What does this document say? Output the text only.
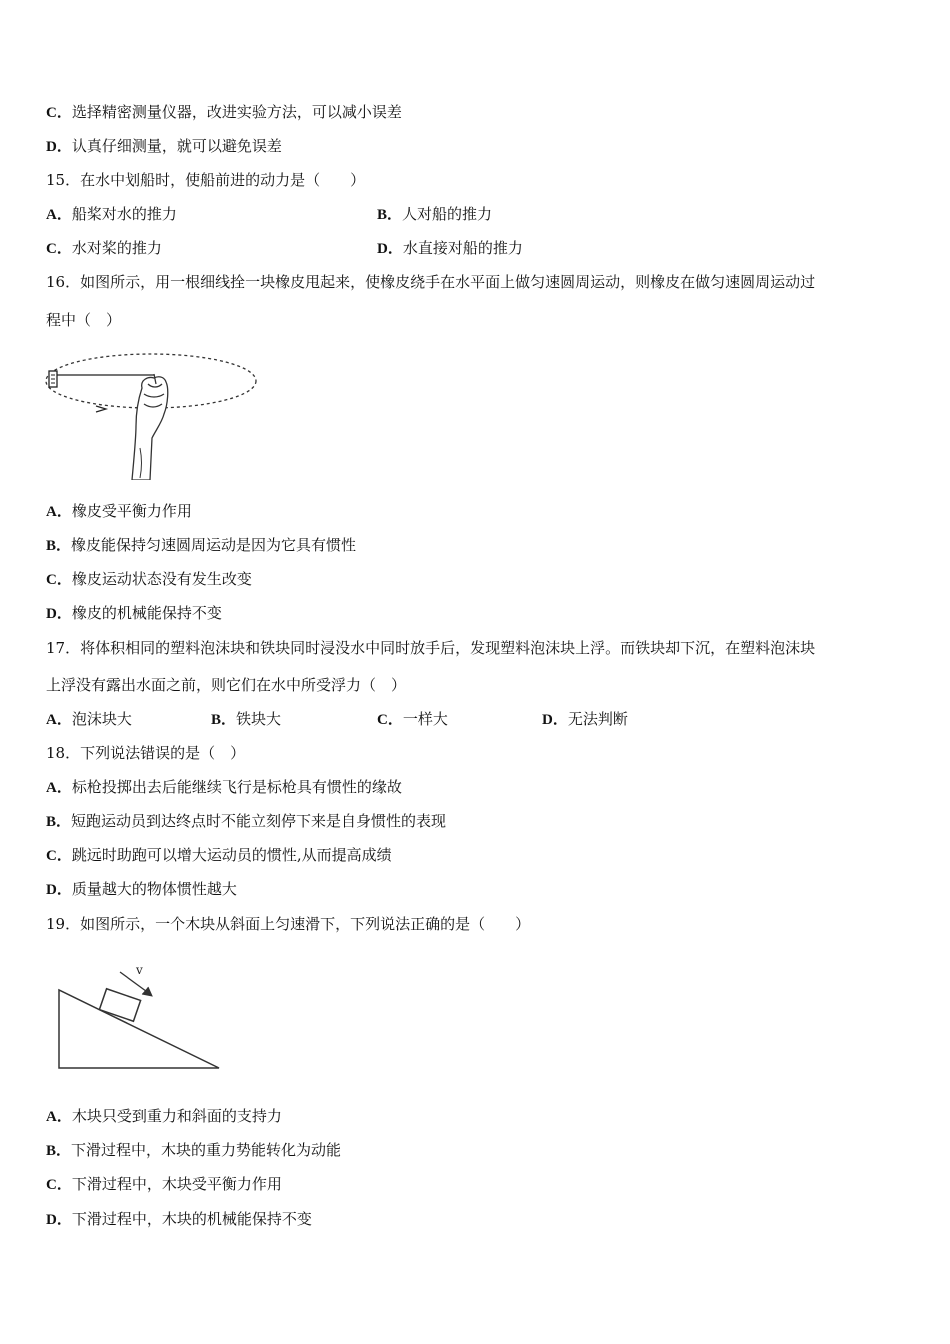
C．选择精密测量仪器，改进实验方法，可以减小误差
D．认真仔细测量，就可以避免误差
15．在水中划船时，使船前进的动力是（　　）
A．船桨对水的推力	B．人对船的推力
C．水对桨的推力	D．水直接对船的推力
16．如图所示，用一根细线拴一块橡皮甩起来，使橡皮绕手在水平面上做匀速圆周运动，则橡皮在做匀速圆周运动过
程中（　）
A．橡皮受平衡力作用
B．橡皮能保持匀速圆周运动是因为它具有惯性
C．橡皮运动状态没有发生改变
D．橡皮的机械能保持不变
17．将体积相同的塑料泡沫块和铁块同时浸没水中同时放手后，发现塑料泡沫块上浮。而铁块却下沉，在塑料泡沫块
上浮没有露出水面之前，则它们在水中所受浮力（　）
A．泡沫块大	B．铁块大	C．一样大	D．无法判断
18．下列说法错误的是（　）
A．标枪投掷出去后能继续飞行是标枪具有惯性的缘故
B．短跑运动员到达终点时不能立刻停下来是自身惯性的表现
C．跳远时助跑可以增大运动员的惯性,从而提高成绩
D．质量越大的物体惯性越大
19．如图所示，一个木块从斜面上匀速滑下，下列说法正确的是（　　）
v
A．木块只受到重力和斜面的支持力
B．下滑过程中，木块的重力势能转化为动能
C．下滑过程中，木块受平衡力作用
D．下滑过程中，木块的机械能保持不变
